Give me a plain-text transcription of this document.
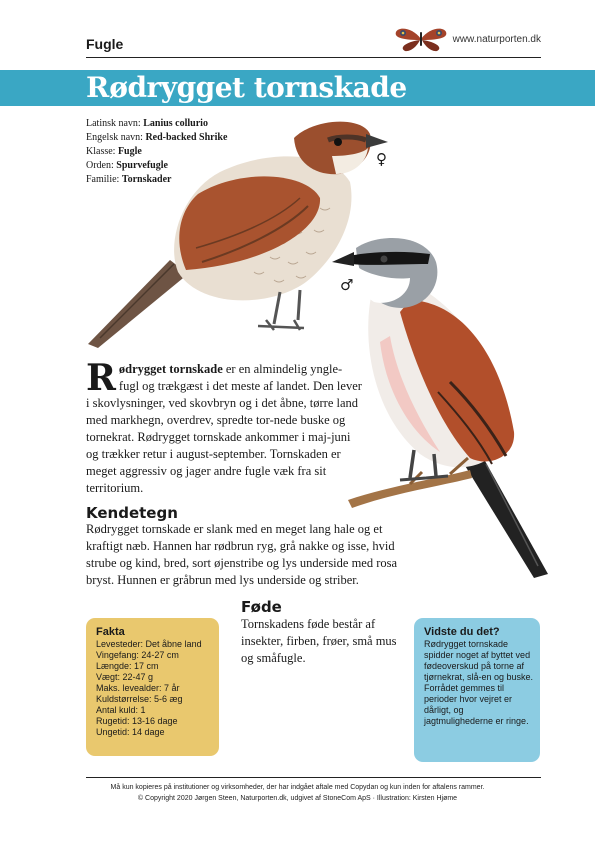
Fugle	www.naturporten.dk
Rødrygget tornskade
Latinsk navn: Lanius collurio
Engelsk navn: Red-backed Shrike
Klasse: Fugle
Orden: Spurvefugle
Familie: Tornskader
♀
♂
Rødrygget tornskade er en almindelig yngle-fugl og trækgæst i det meste af landet. Den lever i skovlysninger, ved skovbryn og i det åbne, tørre land med markhegn, overdrev, spredte tor-nede buske og tornekrat. Rødrygget tornskade ankommer i maj-juni og trækker retur i august-september. Tornskaden er meget aggressiv og jager andre fugle væk fra sit territorium.
Kendetegn
Rødrygget tornskade er slank med en meget lang hale og et kraftigt næb. Hannen har rødbrun ryg, grå nakke og isse, hvid strube og kind, bred, sort øjenstribe og lys underside med rosa bryst. Hunnen er gråbrun med lys underside og striber.
Føde
Tornskadens føde består af insekter, firben, frøer, små mus og småfugle.
Fakta
Levesteder: Det åbne land
Vingefang: 24-27 cm
Længde: 17 cm
Vægt: 22-47 g
Maks. levealder: 7 år
Kuldstørrelse: 5-6 æg
Antal kuld: 1
Rugetid: 13-16 dage
Ungetid: 14 dage
Vidste du det?
Rødrygget tornskade spidder noget af byttet ved fødeoverskud på torne af tjørnekrat, slå-en og buske. Forrådet gemmes til perioder hvor vejret er dårligt, og jagtmulighederne er ringe.
Må kun kopieres på institutioner og virksomheder, der har indgået aftale med Copydan og kun inden for aftalens rammer.
© Copyright 2020 Jørgen Steen, Naturporten.dk, udgivet af StoneCom ApS · Illustration: Kirsten Hjøme
